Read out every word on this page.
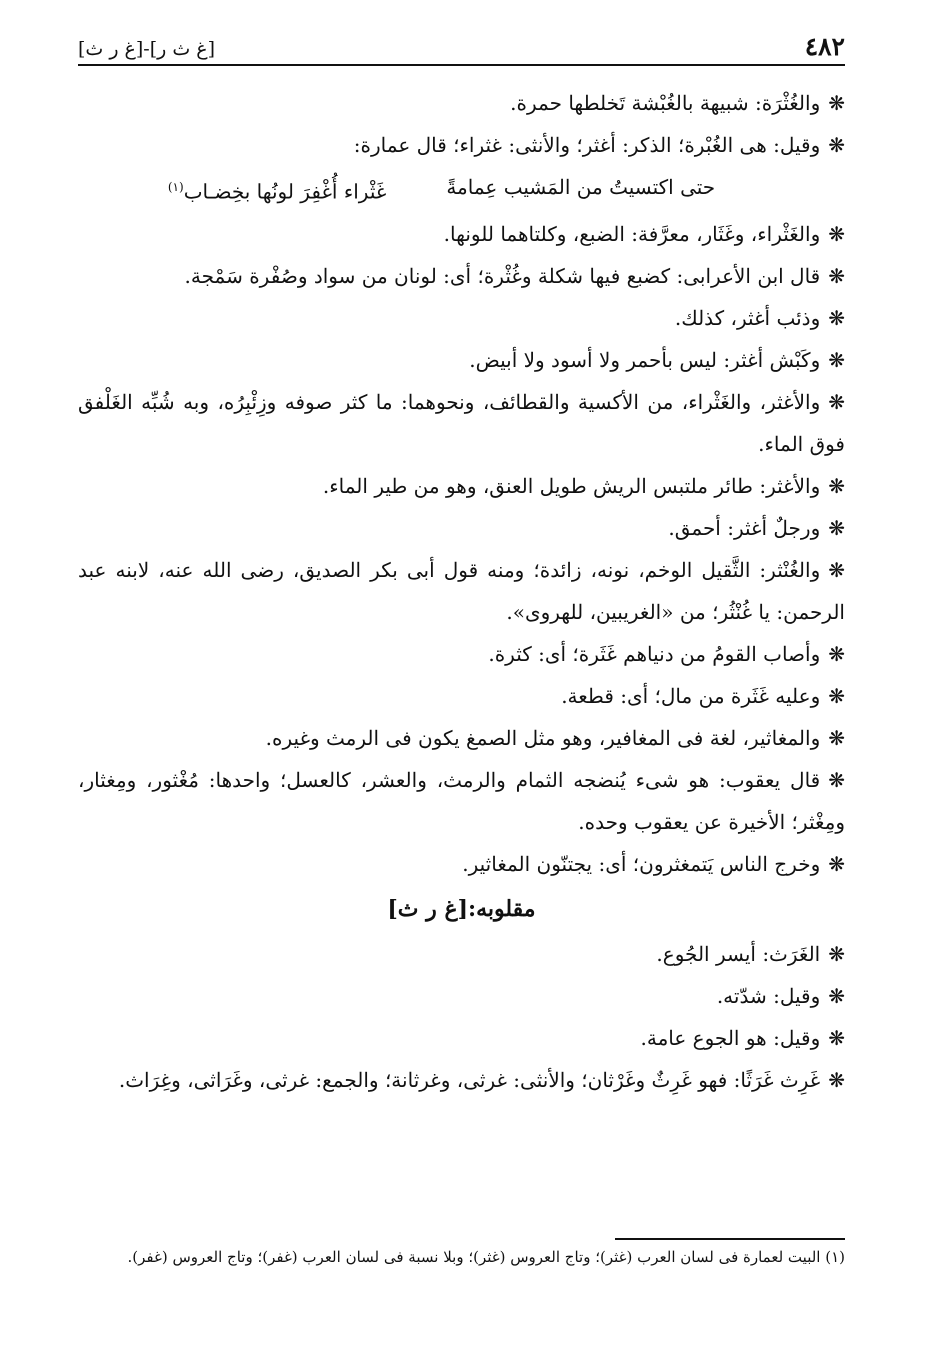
٤٨٢
[غ ث ر]-[غ ر ث]

❋والغُثْرَة: شبيهة بالغُبْشة تَخلطها حمرة.

❋وقيل: هى الغُبْرة؛ الذكر: أغثر؛ والأنثى: غثراء؛ قال عمارة:

حتى اكتسيتُ من المَشيب عِمامةً
غَثْراء أُغْفِرَ لونُها بخِضـاب$^{(١)}$

❋والغَثْراء، وغَثَار، معرَّفة: الضبع، وكلتاهما للونها.

❋قال ابن الأعرابى: كضبع فيها شكلة وغُثْرة؛ أى: لونان من سواد وصُفْرة سَمْجة.

❋وذئب أغثر، كذلك.

❋وكَبْش أغثر: ليس بأحمر ولا أسود ولا أبيض.

❋والأغثر، والغَثْراء، من الأكسية والقطائف، ونحوهما: ما كثر صوفه وزِئْبِرُه، وبه شُبِّه الغَلْفق فوق الماء.

❋والأغثر: طائر ملتبس الريش طويل العنق، وهو من طير الماء.

❋ورجلٌ أغثر: أحمق.

❋والغُنْثر: الثَّقيل الوخم، نونه، زائدة؛ ومنه قول أبى بكر الصديق، رضى الله عنه، لابنه عبد الرحمن: يا غُنْثُر؛ من «الغريبين، للهروى».

❋وأصاب القومُ من دنياهم غَثَرة؛ أى: كثرة.

❋وعليه غَثَرة من مال؛ أى: قطعة.

❋والمغاثير، لغة فى المغافير، وهو مثل الصمغ يكون فى الرمث وغيره.

❋قال يعقوب: هو شىء يُنضجه الثمام والرمث، والعشر، كالعسل؛ واحدها: مُغْثور، ومِغثار، ومِغْثر؛ الأخيرة عن يعقوب وحده.

❋وخرج الناس يَتمغثرون؛ أى: يجتنّون المغاثير.

مقلوبه:[غ ر ث]

❋الغَرَث: أيسر الجُوع.

❋وقيل: شدّته.

❋وقيل: هو الجوع عامة.

❋غَرِث غَرَثًا: فهو غَرِثٌ وغَرْثان؛ والأنثى: غرثى، وغرثانة؛ والجمع: غرثى، وغَرَاثى، وغِرَاث.

(١) البيت لعمارة فى لسان العرب (غثر)؛ وتاج العروس (غثر)؛ وبلا نسبة فى لسان العرب (غفر)؛ وتاج العروس (غفر).
